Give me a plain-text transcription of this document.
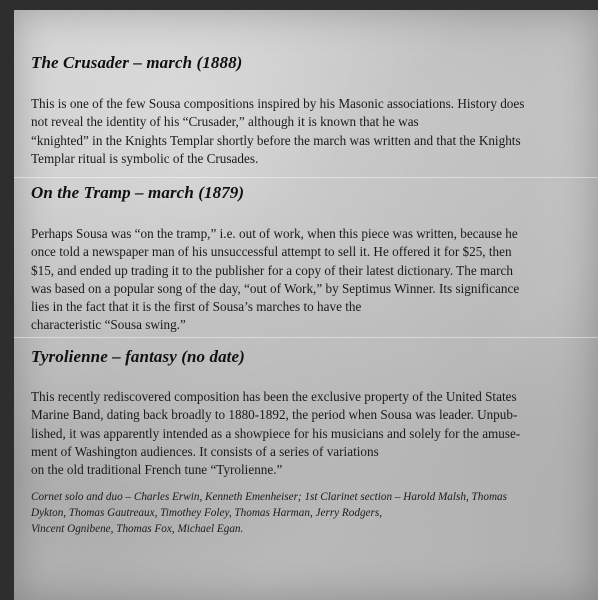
The Crusader – march (1888)

This is one of the few Sousa compositions inspired by his Masonic associations. History does
not reveal the identity of his “Crusader,” although it is known that he was
“knighted” in the Knights Templar shortly before the march was written and that the Knights
Templar ritual is symbolic of the Crusades.

On the Tramp – march (1879)

Perhaps Sousa was “on the tramp,” i.e. out of work, when this piece was written, because he
once told a newspaper man of his unsuccessful attempt to sell it. He offered it for $25, then
$15, and ended up trading it to the publisher for a copy of their latest dictionary. The march
was based on a popular song of the day, “out of Work,” by Septimus Winner. Its significance
lies in the fact that it is the first of Sousa’s marches to have the
characteristic “Sousa swing.”

Tyrolienne – fantasy (no date)

This recently rediscovered composition has been the exclusive property of the United States
Marine Band, dating back broadly to 1880-1892, the period when Sousa was leader. Unpub-
lished, it was apparently intended as a showpiece for his musicians and solely for the amuse-
ment of Washington audiences. It consists of a series of variations
on the old traditional French tune “Tyrolienne.”

Cornet solo and duo – Charles Erwin, Kenneth Emenheiser; 1st Clarinet section – Harold Malsh, Thomas
Dykton, Thomas Gautreaux, Timothey Foley, Thomas Harman, Jerry Rodgers,
Vincent Ognibene, Thomas Fox, Michael Egan.
